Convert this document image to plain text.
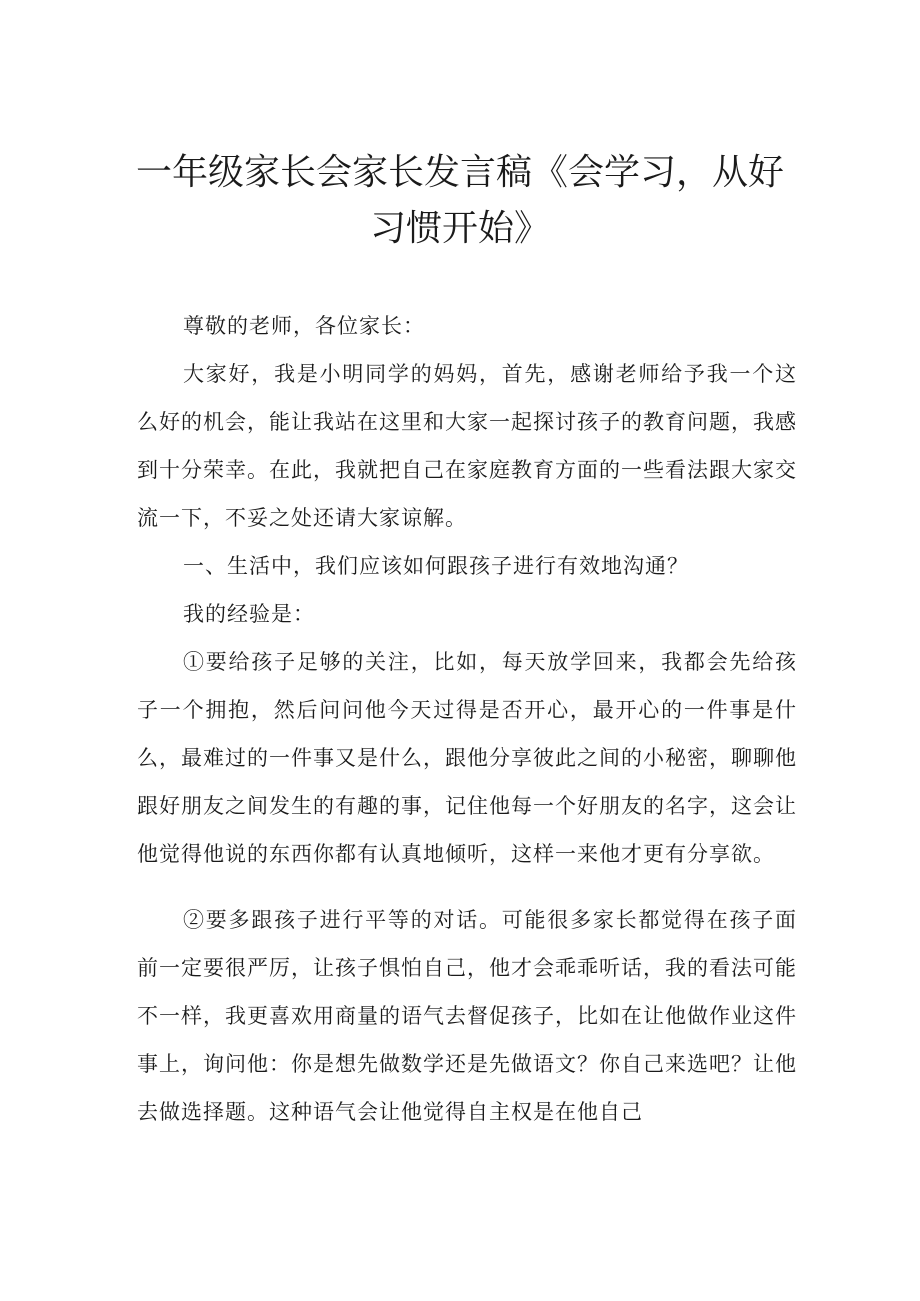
一年级家长会家长发言稿《会学习，从好
习惯开始》

尊敬的老师，各位家长：

大家好，我是小明同学的妈妈，首先，感谢老师给予我一个这么好的机会，能让我站在这里和大家一起探讨孩子的教育问题，我感到十分荣幸。在此，我就把自己在家庭教育方面的一些看法跟大家交流一下，不妥之处还请大家谅解。

一、生活中，我们应该如何跟孩子进行有效地沟通？

我的经验是：

①要给孩子足够的关注，比如，每天放学回来，我都会先给孩子一个拥抱，然后问问他今天过得是否开心，最开心的一件事是什么，最难过的一件事又是什么，跟他分享彼此之间的小秘密，聊聊他跟好朋友之间发生的有趣的事，记住他每一个好朋友的名字，这会让他觉得他说的东西你都有认真地倾听，这样一来他才更有分享欲。

②要多跟孩子进行平等的对话。可能很多家长都觉得在孩子面前一定要很严厉，让孩子惧怕自己，他才会乖乖听话，我的看法可能不一样，我更喜欢用商量的语气去督促孩子，比如在让他做作业这件事上，询问他：你是想先做数学还是先做语文？你自己来选吧？让他去做选择题。这种语气会让他觉得自主权是在他自己
